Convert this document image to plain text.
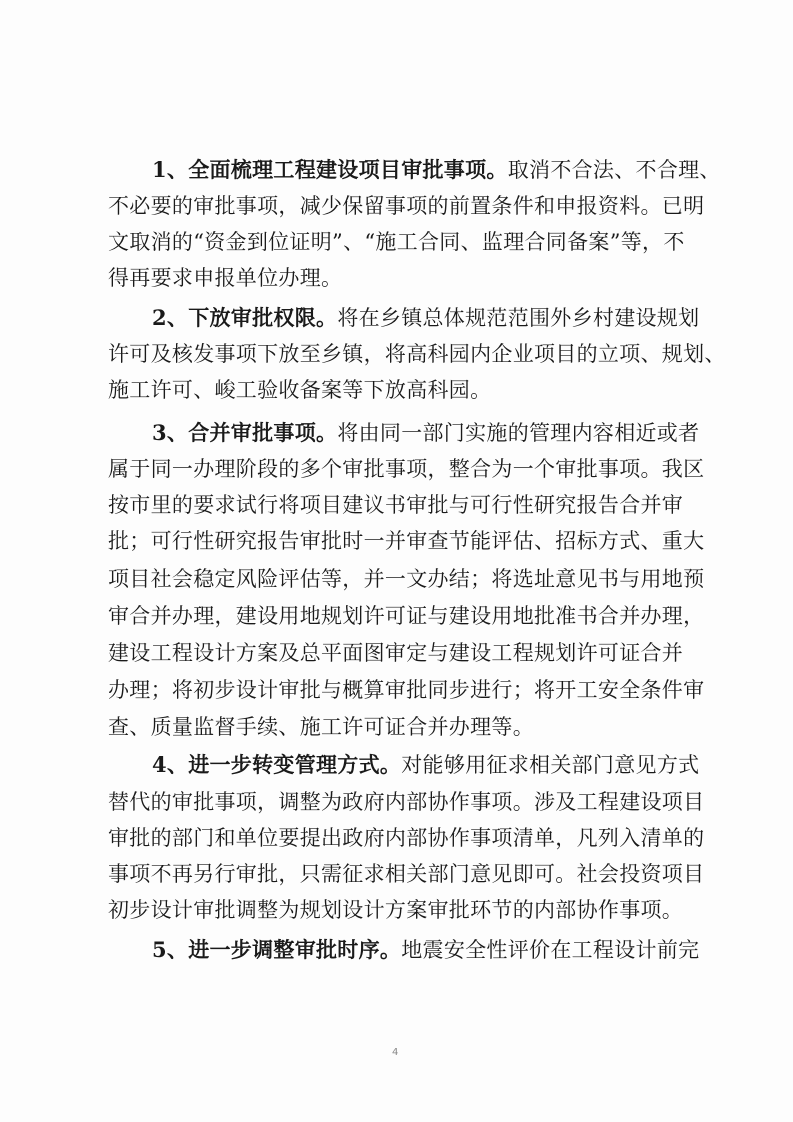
1、全面梳理工程建设项目审批事项。取消不合法、不合理、
不必要的审批事项，减少保留事项的前置条件和申报资料。已明
文取消的“资金到位证明”、“施工合同、监理合同备案”等，不
得再要求申报单位办理。
2、下放审批权限。将在乡镇总体规范范围外乡村建设规划
许可及核发事项下放至乡镇，将高科园内企业项目的立项、规划、
施工许可、峻工验收备案等下放高科园。
3、合并审批事项。将由同一部门实施的管理内容相近或者
属于同一办理阶段的多个审批事项，整合为一个审批事项。我区
按市里的要求试行将项目建议书审批与可行性研究报告合并审
批；可行性研究报告审批时一并审查节能评估、招标方式、重大
项目社会稳定风险评估等，并一文办结；将选址意见书与用地预
审合并办理，建设用地规划许可证与建设用地批准书合并办理，
建设工程设计方案及总平面图审定与建设工程规划许可证合并
办理；将初步设计审批与概算审批同步进行；将开工安全条件审
查、质量监督手续、施工许可证合并办理等。
4、进一步转变管理方式。对能够用征求相关部门意见方式
替代的审批事项，调整为政府内部协作事项。涉及工程建设项目
审批的部门和单位要提出政府内部协作事项清单，凡列入清单的
事项不再另行审批，只需征求相关部门意见即可。社会投资项目
初步设计审批调整为规划设计方案审批环节的内部协作事项。
5、进一步调整审批时序。地震安全性评价在工程设计前完
4
